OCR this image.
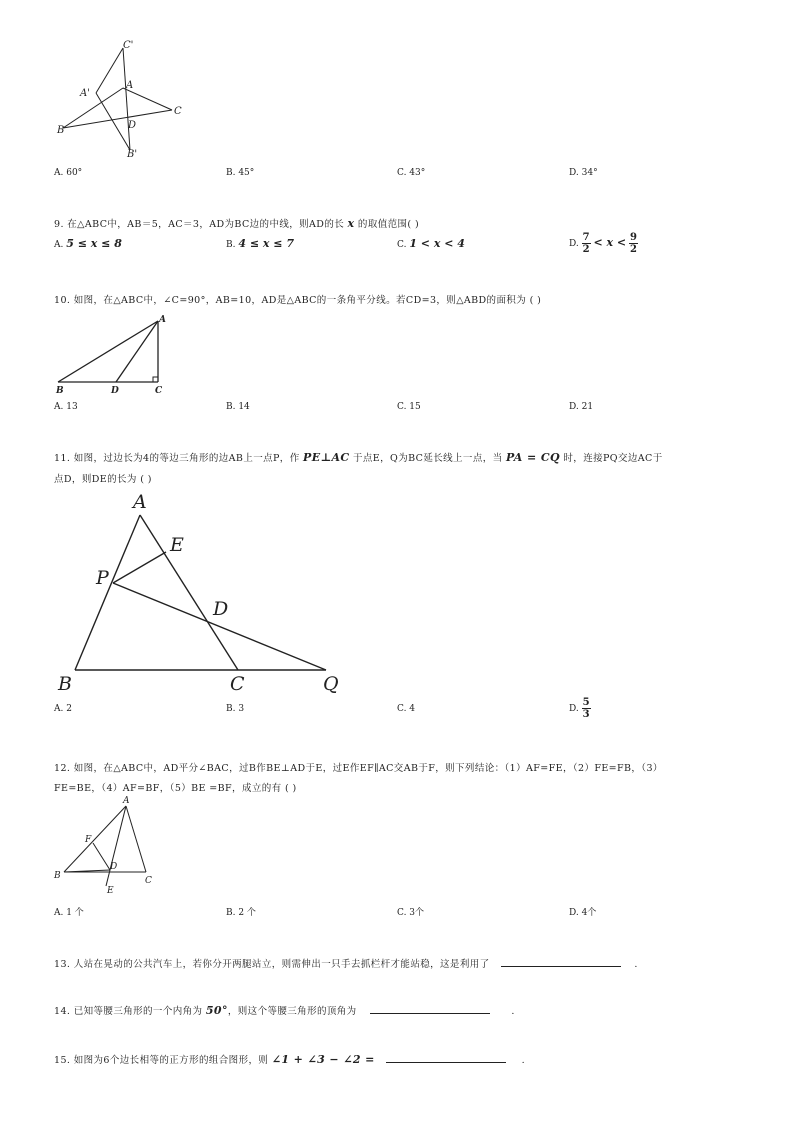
C'
A'
A
C
B	D
B'
A. 60°	B. 45°	C. 43°	D. 34°
9. 在△ABC中，AB＝5，AC＝3，AD为BC边的中线，则AD的长 x 的取值范围( )
A. 5 ≤ x ≤ 8	B. 4 ≤ x ≤ 7	C. 1 < x < 4	D. $\frac{7}{2} < x < \frac{9}{2}$
10. 如图，在△ABC中，∠C=90°，AB=10，AD是△ABC的一条角平分线。若CD=3，则△ABD的面积为 ( )
A
B	D	C
A. 13	B. 14	C. 15	D. 21
11. 如图，过边长为4的等边三角形的边AB上一点P，作 PE⊥AC 于点E，Q为BC延长线上一点，当 PA = CQ 时，连接PQ交边AC于
点D，则DE的长为 ( )
A
E
P
D
B	C	Q
A. 2	B. 3	C. 4	D. $\frac{5}{3}$
12. 如图，在△ABC中，AD平分∠BAC，过B作BE⊥AD于E，过E作EF∥AC交AB于F，则下列结论：（1）AF=FE，（2）FE=FB，（3）
FE=BE，（4）AF=BF，（5）BE =BF，成立的有 ( )
A
F
D
B
E
C
A. 1 个	B. 2 个	C. 3个	D. 4个
13. 人站在晃动的公共汽车上，若你分开两腿站立，则需伸出一只手去抓栏杆才能站稳，这是利用了	.
14. 已知等腰三角形的一个内角为 50°，则这个等腰三角形的顶角为	.
15. 如图为6个边长相等的正方形的组合图形，则 ∠1 + ∠3 − ∠2 =	.
